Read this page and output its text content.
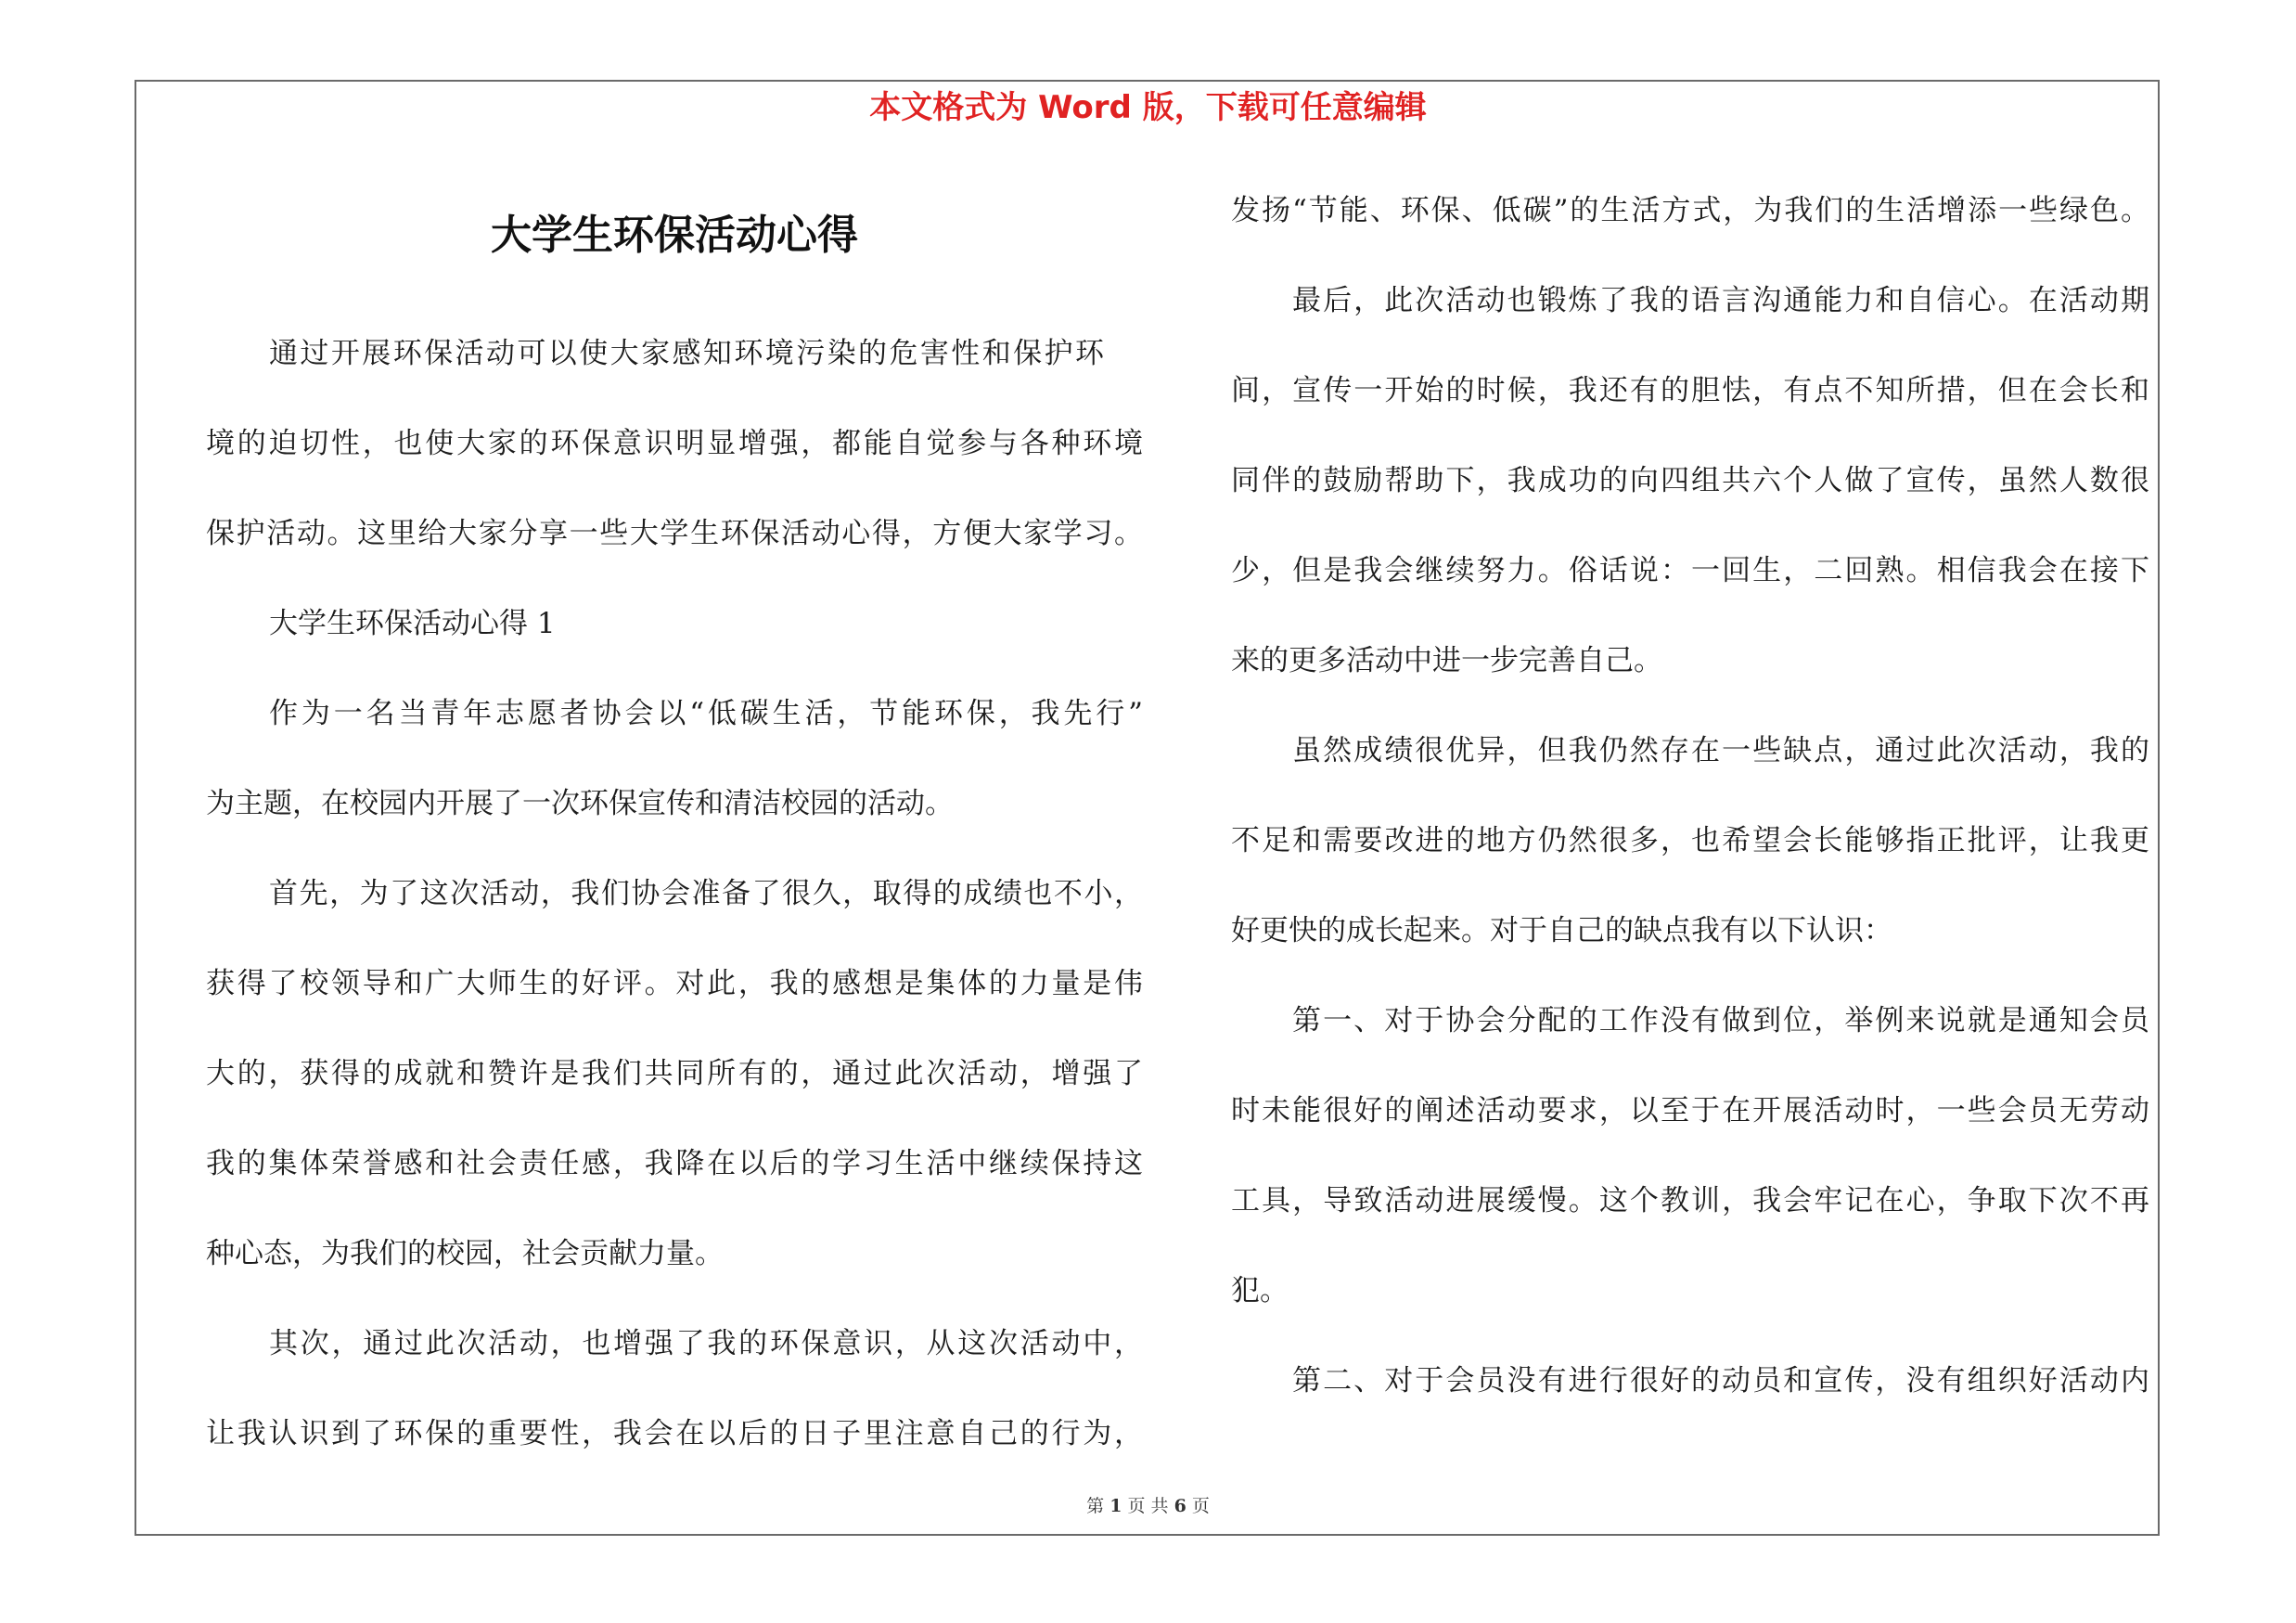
本文格式为 Word 版，下载可任意编辑
大学生环保活动心得
通过开展环保活动可以使大家感知环境污染的危害性和保护环
境的迫切性，也使大家的环保意识明显增强，都能自觉参与各种环境
保护活动。这里给大家分享一些大学生环保活动心得，方便大家学习。
大学生环保活动心得 1
作为一名当青年志愿者协会以“低碳生活，节能环保，我先行”
为主题，在校园内开展了一次环保宣传和清洁校园的活动。
首先，为了这次活动，我们协会准备了很久，取得的成绩也不小，
获得了校领导和广大师生的好评。对此，我的感想是集体的力量是伟
大的，获得的成就和赞许是我们共同所有的，通过此次活动，增强了
我的集体荣誉感和社会责任感，我降在以后的学习生活中继续保持这
种心态，为我们的校园，社会贡献力量。
其次，通过此次活动，也增强了我的环保意识，从这次活动中，
让我认识到了环保的重要性，我会在以后的日子里注意自己的行为，
发扬“节能、环保、低碳”的生活方式，为我们的生活增添一些绿色。
最后，此次活动也锻炼了我的语言沟通能力和自信心。在活动期
间，宣传一开始的时候，我还有的胆怯，有点不知所措，但在会长和
同伴的鼓励帮助下，我成功的向四组共六个人做了宣传，虽然人数很
少，但是我会继续努力。俗话说：一回生，二回熟。相信我会在接下
来的更多活动中进一步完善自己。
虽然成绩很优异，但我仍然存在一些缺点，通过此次活动，我的
不足和需要改进的地方仍然很多，也希望会长能够指正批评，让我更
好更快的成长起来。对于自己的缺点我有以下认识：
第一、对于协会分配的工作没有做到位，举例来说就是通知会员
时未能很好的阐述活动要求，以至于在开展活动时，一些会员无劳动
工具，导致活动进展缓慢。这个教训，我会牢记在心，争取下次不再
犯。
第二、对于会员没有进行很好的动员和宣传，没有组织好活动内
第 1 页 共 6 页
